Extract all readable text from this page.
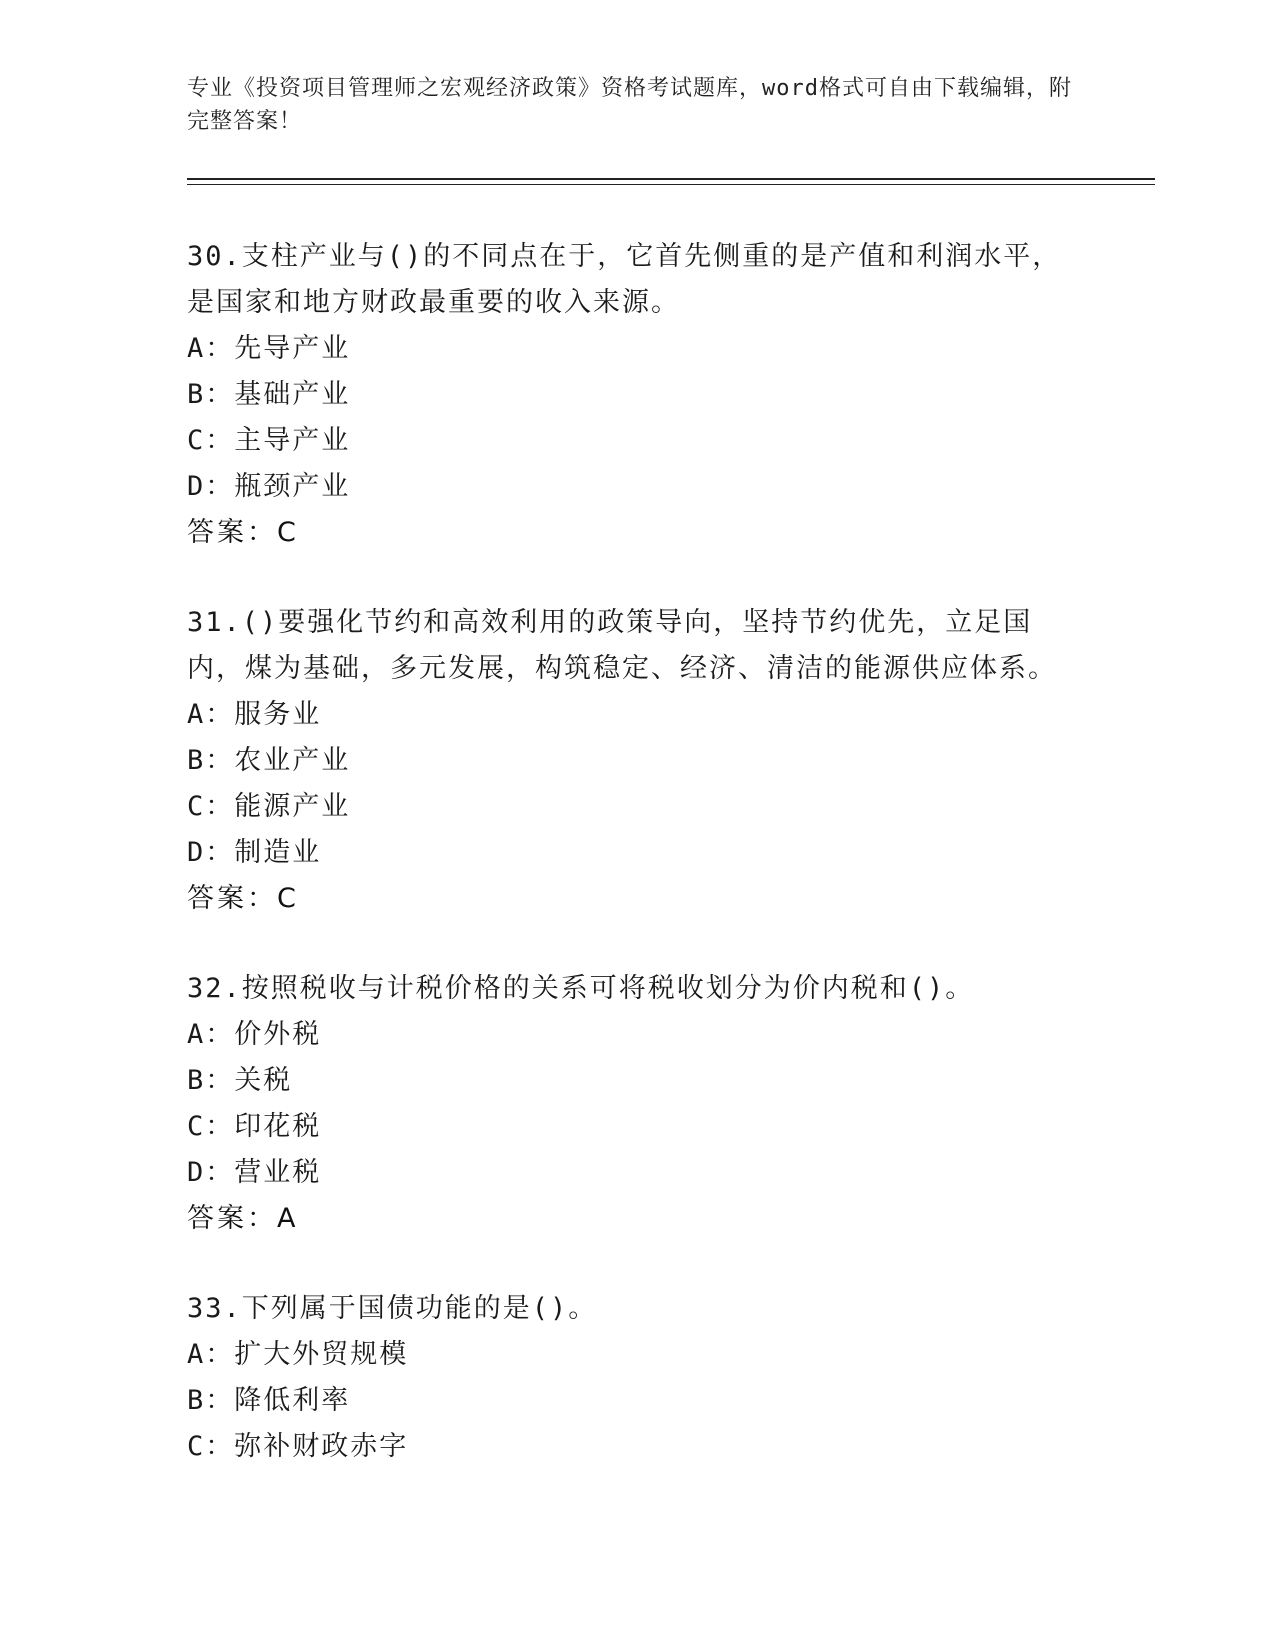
专业《投资项目管理师之宏观经济政策》资格考试题库，word格式可自由下载编辑，附完整答案！

30.支柱产业与()的不同点在于，它首先侧重的是产值和利润水平，是国家和地方财政最重要的收入来源。

A：先导产业

B：基础产业

C：主导产业

D：瓶颈产业

答案：C

31.()要强化节约和高效利用的政策导向，坚持节约优先，立足国内，煤为基础，多元发展，构筑稳定、经济、清洁的能源供应体系。

A：服务业

B：农业产业

C：能源产业

D：制造业

答案：C

32.按照税收与计税价格的关系可将税收划分为价内税和()。

A：价外税

B：关税

C：印花税

D：营业税

答案：A

33.下列属于国债功能的是()。

A：扩大外贸规模

B：降低利率

C：弥补财政赤字
